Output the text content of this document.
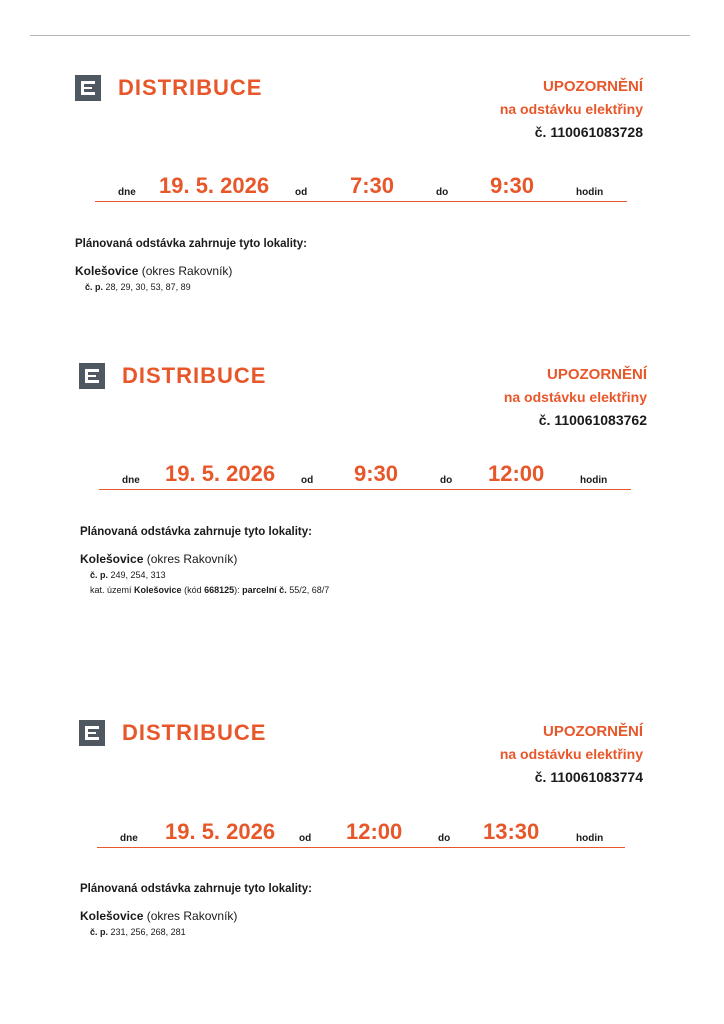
DISTRIBUCE	UPOZORNĚNÍ
na odstávku elektřiny
č. 110061083728
dne 19. 5. 2026	od 7:30	do 9:30	hodin
Plánovaná odstávka zahrnuje tyto lokality:
Kolešovice (okres Rakovník)
č. p. 28, 29, 30, 53, 87, 89
DISTRIBUCE	UPOZORNĚNÍ
na odstávku elektřiny
č. 110061083762
dne 19. 5. 2026	od 9:30	do 12:00	hodin
Plánovaná odstávka zahrnuje tyto lokality:
Kolešovice (okres Rakovník)
č. p. 249, 254, 313
kat. území Kolešovice (kód 668125): parcelní č. 55/2, 68/7
DISTRIBUCE	UPOZORNĚNÍ
na odstávku elektřiny
č. 110061083774
dne 19. 5. 2026 od 12:00	do 13:30	hodin
Plánovaná odstávka zahrnuje tyto lokality:
Kolešovice (okres Rakovník)
č. p. 231, 256, 268, 281
